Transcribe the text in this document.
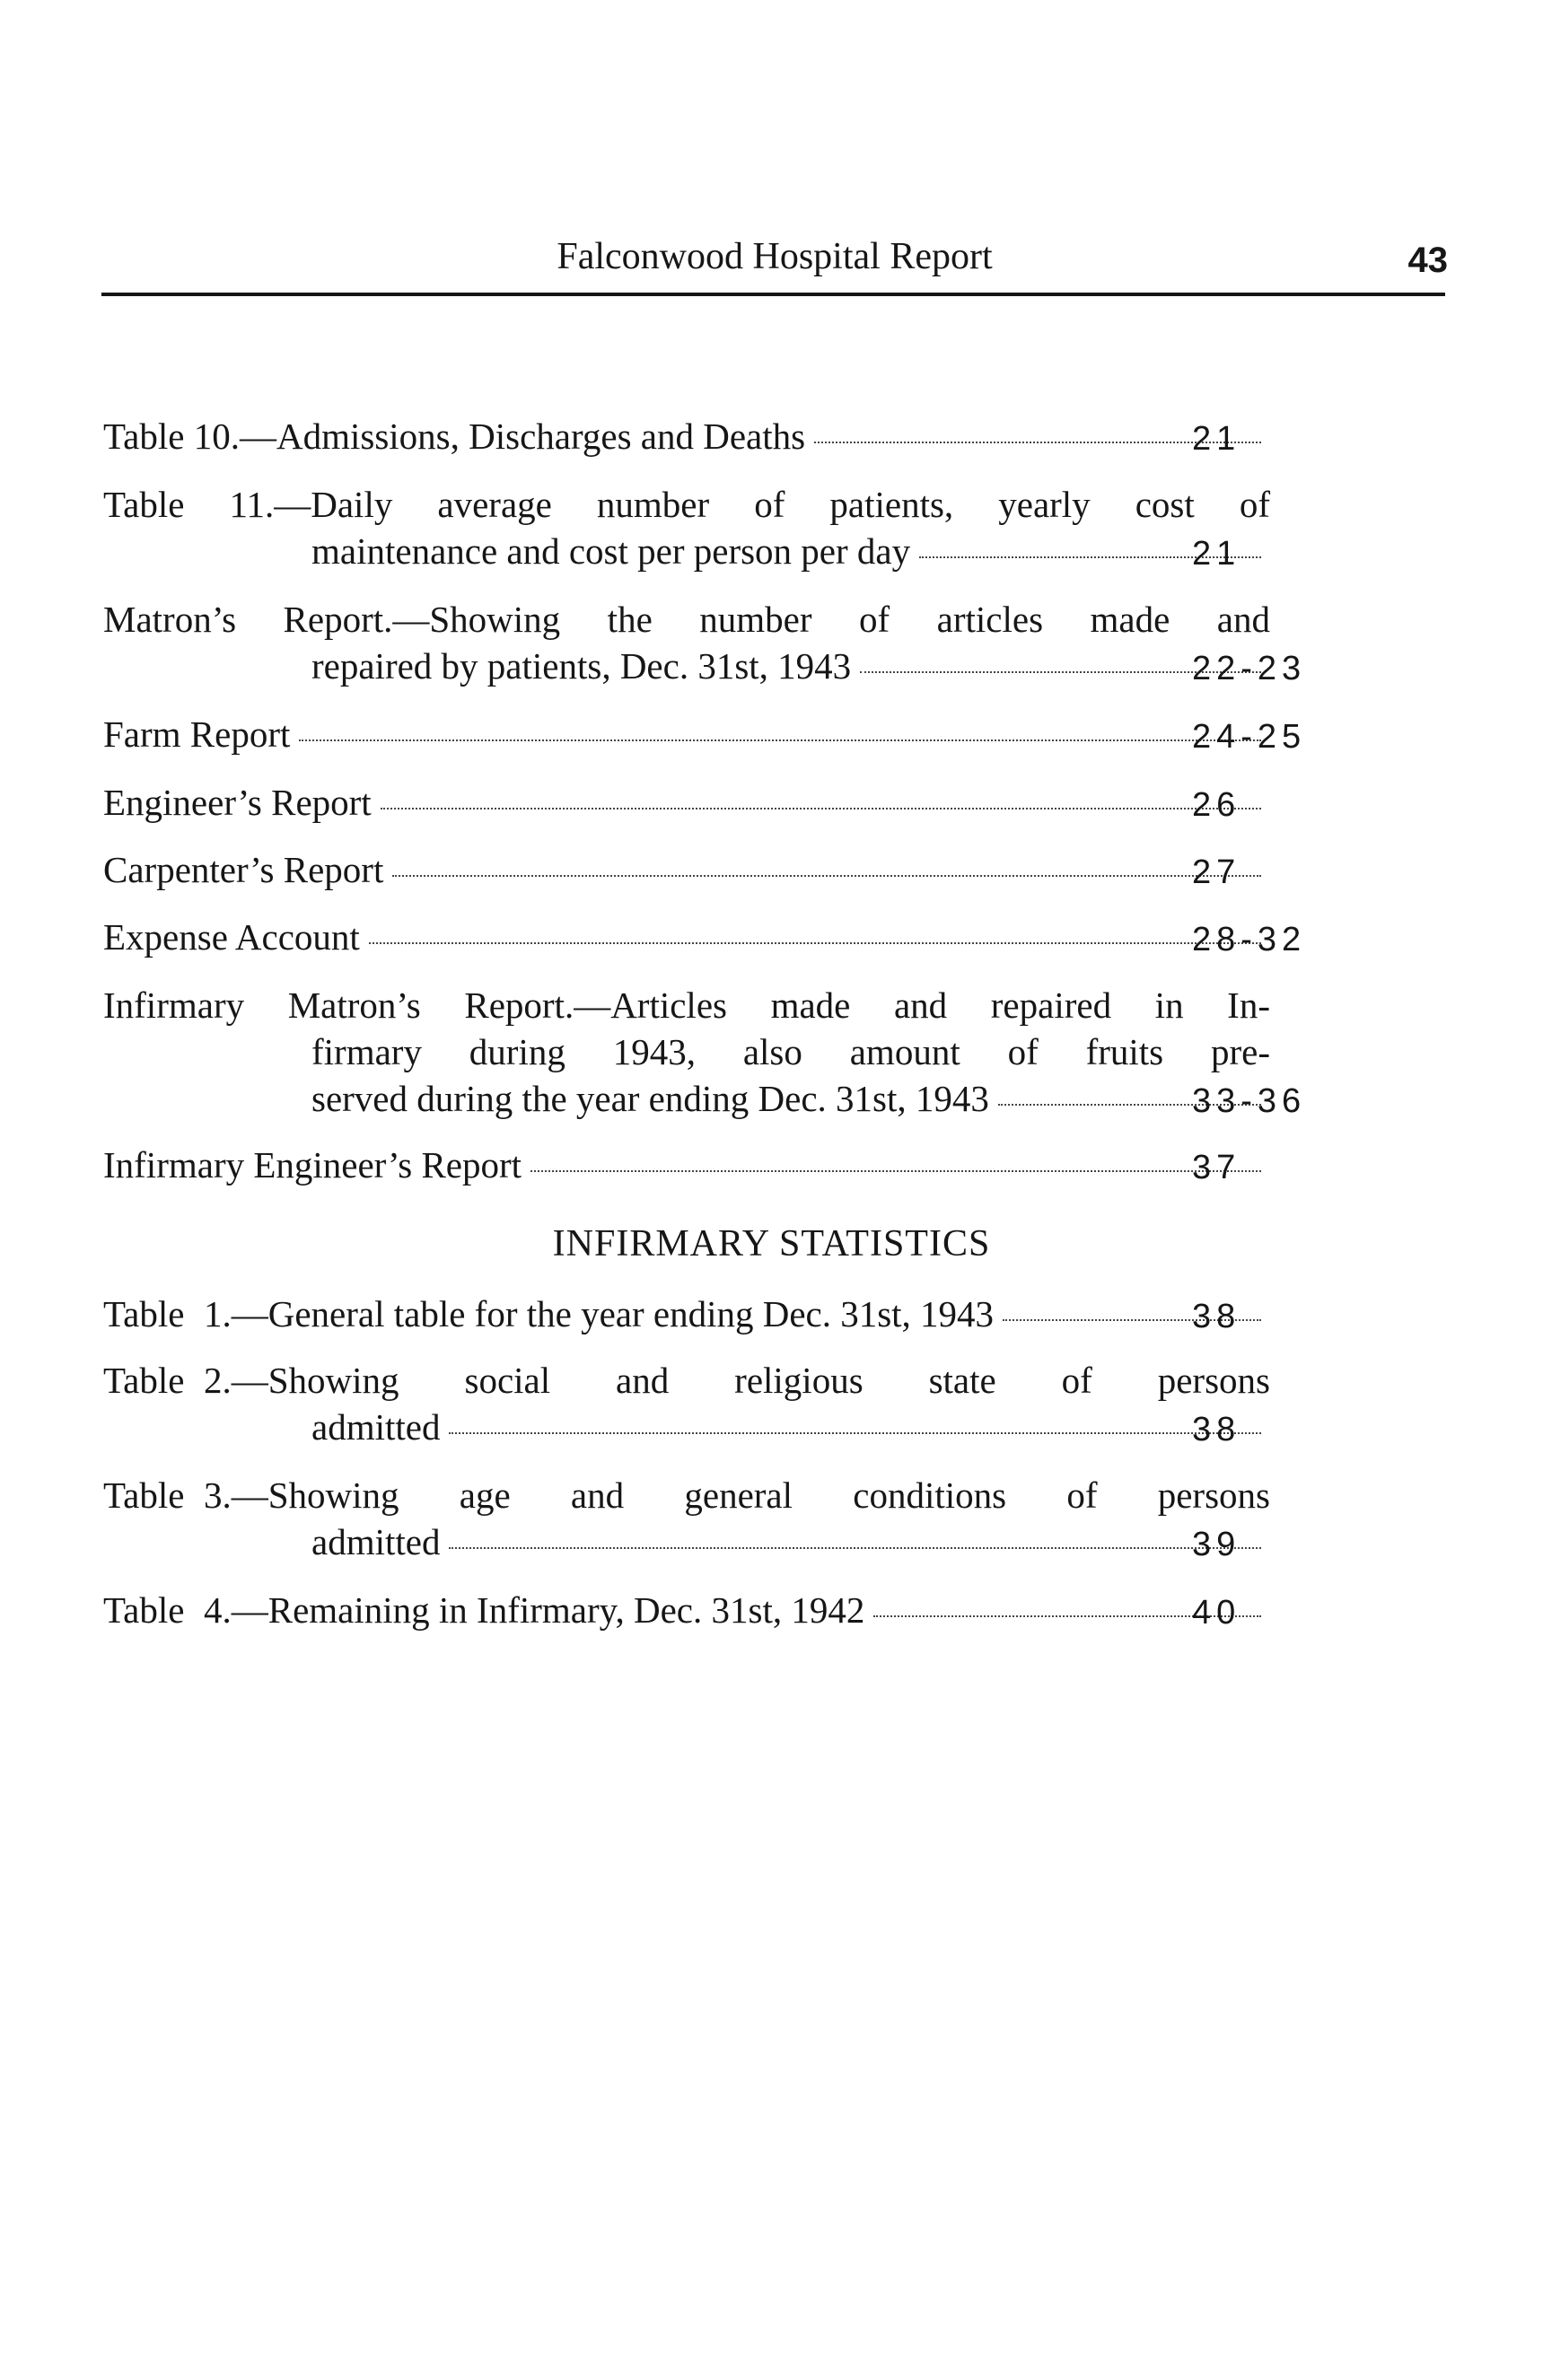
Falconwood Hospital Report	43
Table 10.—Admissions, Discharges and Deaths	21
Table 11.—Daily average number of patients, yearly cost of
maintenance and cost per person per day	21
Matron’s Report.—Showing the number of articles made and
repaired by patients, Dec. 31st, 1943	22-23
Farm Report	24-25
Engineer’s Report	26
Carpenter’s Report	27
Expense Account	28-32
Infirmary Matron’s Report.—Articles made and repaired in In-
firmary during 1943, also amount of fruits pre-
served during the year ending Dec. 31st, 1943	33-36
Infirmary Engineer’s Report	37
INFIRMARY STATISTICS
Table 1.—General table for the year ending Dec. 31st, 1943	38
Table 2.—Showing social and religious state of persons
admitted	38
Table 3.—Showing age and general conditions of persons
admitted	39
Table 4.—Remaining in Infirmary, Dec. 31st, 1942	40
